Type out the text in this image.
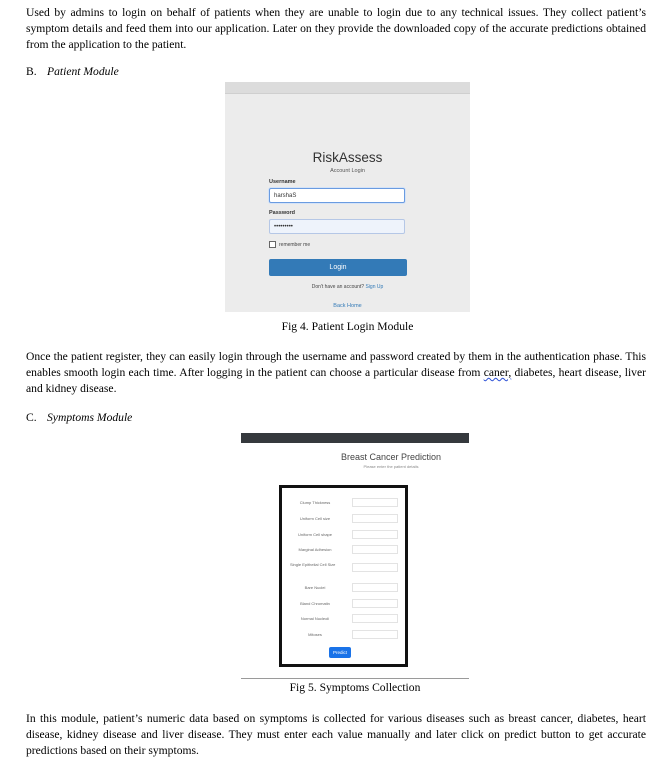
Used by admins to login on behalf of patients when they are unable to login due to any technical issues. They collect patient’s symptom details and feed them into our application. Later on they provide the downloaded copy of the accurate predictions obtained from the application to the patient.

B. Patient Module

RiskAssess
Account Login
Username
harshaS
Password
•••••••••
remember me
Login
Don't have an account? Sign Up
Back Home

Fig 4. Patient Login Module

Once the patient register, they can easily login through the username and password created by them in the authentication phase. This enables smooth login each time. After logging in the patient can choose a particular disease from caner, diabetes, heart disease, liver and kidney disease.

C. Symptoms Module

Breast Cancer Prediction
Please enter the patient details
Clump Thickness
Uniform Cell size
Uniform Cell shape
Marginal Adhesion
Single Epithelial Cell Size
Bare Nuclei
Bland Chromatin
Normal Nucleoli
Mitoses
Predict

Fig 5. Symptoms Collection

In this module, patient’s numeric data based on symptoms is collected for various diseases such as breast cancer, diabetes, heart disease, kidney disease and liver disease. They must enter each value manually and later click on predict button to get accurate predictions based on their symptoms.
